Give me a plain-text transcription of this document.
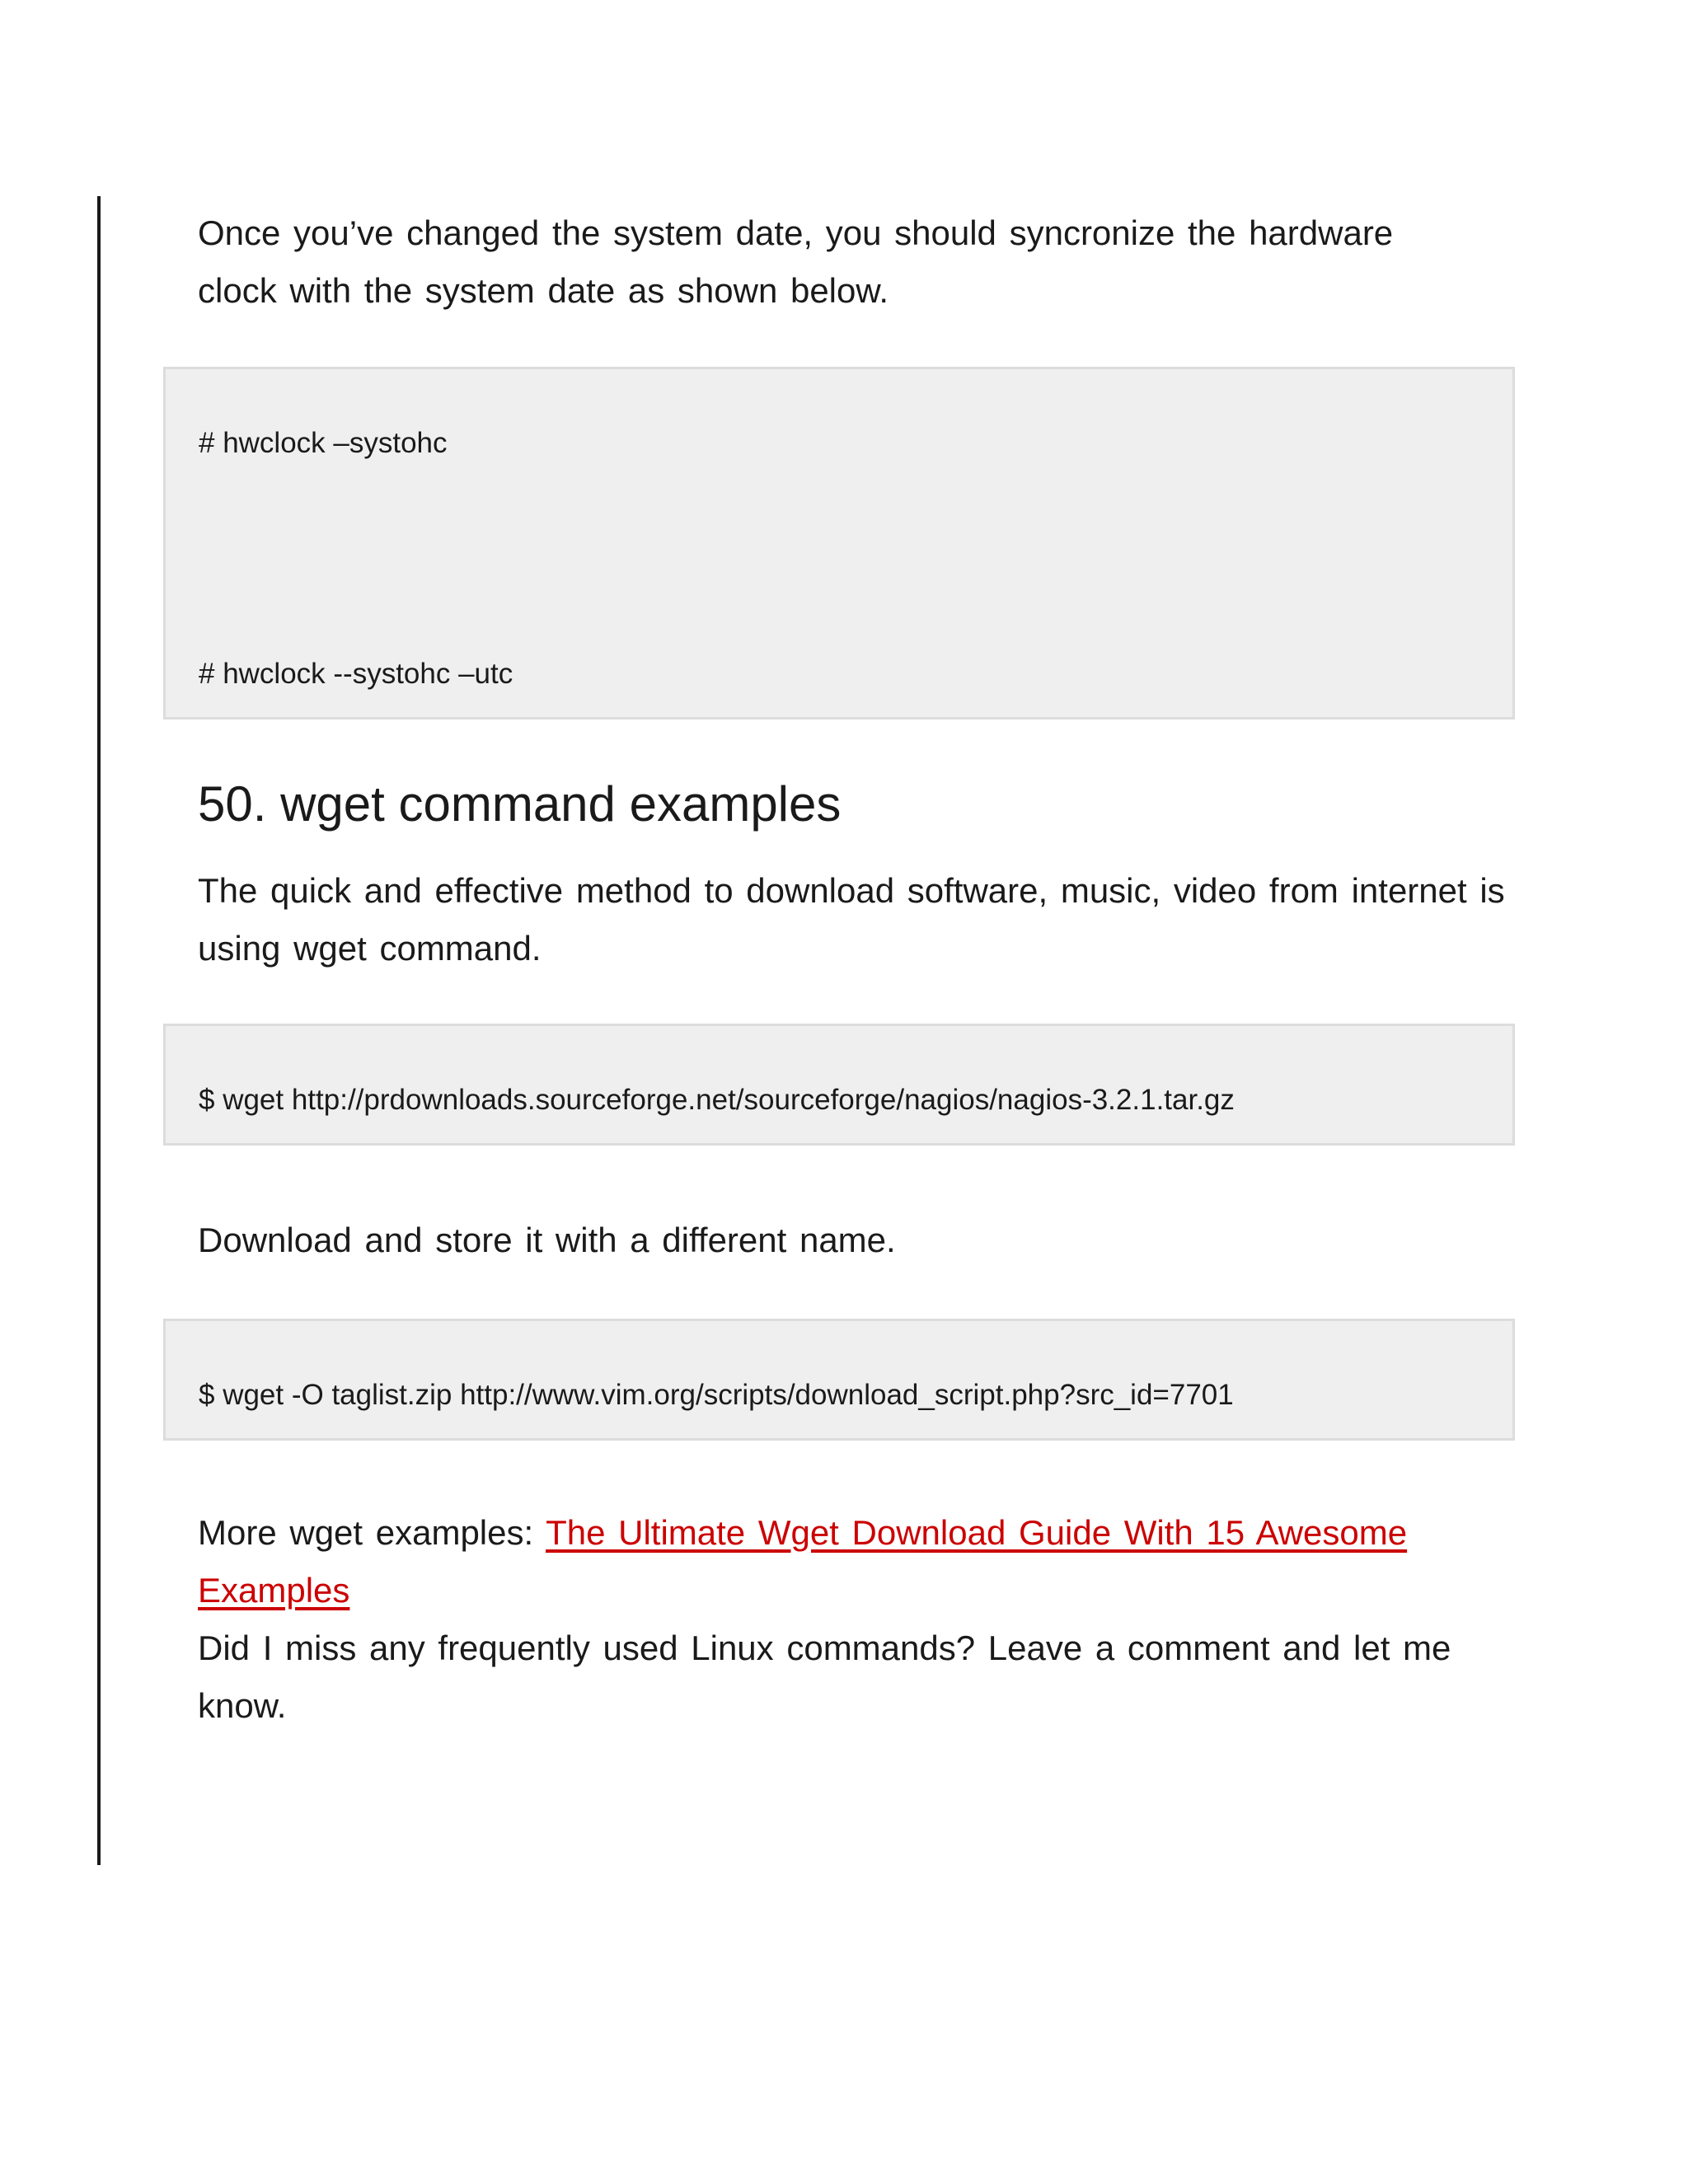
Once you’ve changed the system date, you should syncronize the hardware clock with the system date as shown below.

# hwclock –systohc
# hwclock --systohc –utc
50. wget command examples

The quick and effective method to download software, music, video from internet is using wget command.

$ wget http://prdownloads.sourceforge.net/sourceforge/nagios/nagios-3.2.1.tar.gz

Download and store it with a different name.

$ wget -O taglist.zip http://www.vim.org/scripts/download_script.php?src_id=7701

More wget examples: The Ultimate Wget Download Guide With 15 Awesome Examples

Did I miss any frequently used Linux commands? Leave a comment and let me know.
